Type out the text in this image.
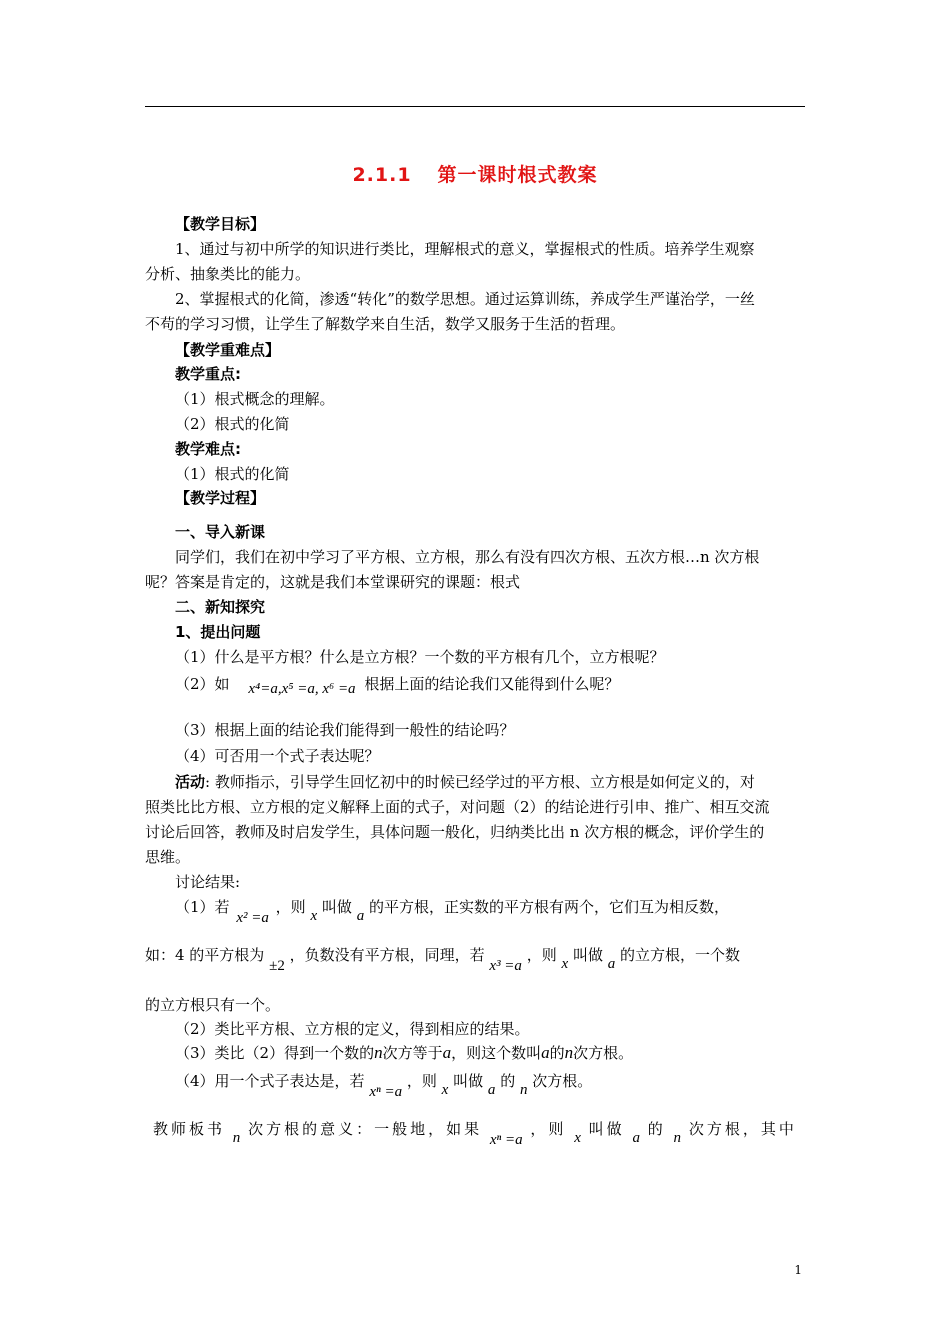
2.1.1 第一课时根式教案
【教学目标】
1、通过与初中所学的知识进行类比，理解根式的意义，掌握根式的性质。培养学生观察
分析、抽象类比的能力。
2、掌握根式的化简，渗透“转化”的数学思想。通过运算训练，养成学生严谨治学，一丝
不苟的学习习惯，让学生了解数学来自生活，数学又服务于生活的哲理。
【教学重难点】
教学重点:
（1）根式概念的理解。
（2）根式的化简
教学难点:
（1）根式的化简
【教学过程】
一、导入新课
同学们，我们在初中学习了平方根、立方根，那么有没有四次方根、五次方根…n 次方根
呢？答案是肯定的，这就是我们本堂课研究的课题：根式
二、新知探究
1、提出问题
（1）什么是平方根？什么是立方根？一个数的平方根有几个，立方根呢？
（2）如 x⁴=a,x⁵ =a, x⁶ =a 根据上面的结论我们又能得到什么呢？
（3）根据上面的结论我们能得到一般性的结论吗？
（4）可否用一个式子表达呢？
活动: 教师指示，引导学生回忆初中的时候已经学过的平方根、立方根是如何定义的，对
照类比比方根、立方根的定义解释上面的式子，对问题（2）的结论进行引申、推广、相互交流
讨论后回答，教师及时启发学生，具体问题一般化，归纳类比出 n 次方根的概念，评价学生的
思维。
讨论结果:
（1）若 x² =a ，则 x 叫做 a 的平方根，正实数的平方根有两个，它们互为相反数，
如：4 的平方根为 ±2 ，负数没有平方根，同理，若 x³ =a ，则 x 叫做 a 的立方根，一个数
的立方根只有一个。
（2）类比平方根、立方根的定义，得到相应的结果。
（3）类比（2）得到一个数的n次方等于a，则这个数叫a的n次方根。
（4）用一个式子表达是，若 xⁿ =a ，则 x 叫做 a 的 n 次方根。
教师板书 n 次方根的意义：一般地，如果 xⁿ =a ，则 x 叫做 a 的 n 次方根，其中
1
